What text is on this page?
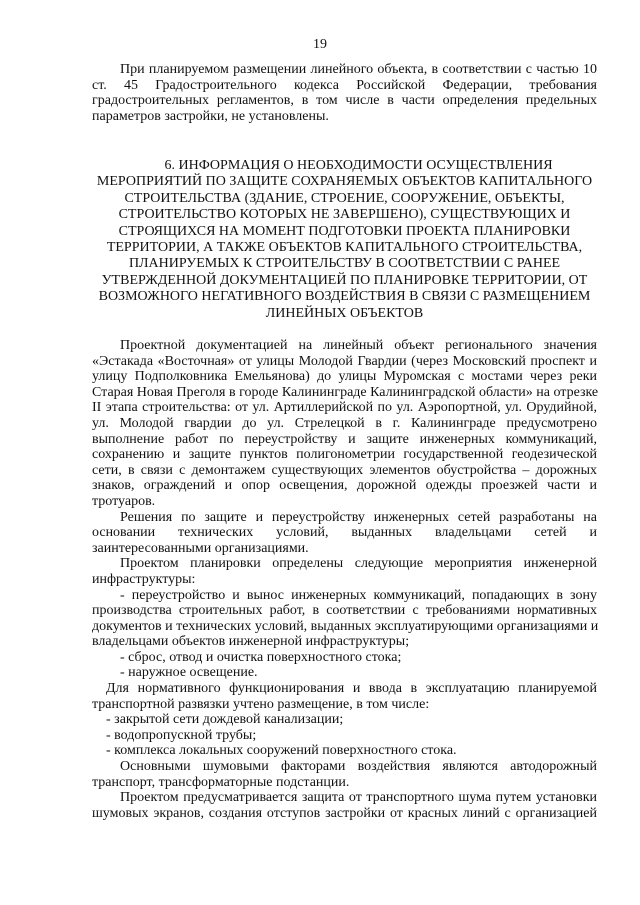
19
При планируемом размещении линейного объекта, в соответствии с частью 10
ст. 45 Градостроительного кодекса Российской Федерации, требования
градостроительных регламентов, в том числе в части определения предельных
параметров застройки, не установлены.
6. ИНФОРМАЦИЯ О НЕОБХОДИМОСТИ ОСУЩЕСТВЛЕНИЯ
МЕРОПРИЯТИЙ ПО ЗАЩИТЕ СОХРАНЯЕМЫХ ОБЪЕКТОВ КАПИТАЛЬНОГО
СТРОИТЕЛЬСТВА (ЗДАНИЕ, СТРОЕНИЕ, СООРУЖЕНИЕ, ОБЪЕКТЫ,
СТРОИТЕЛЬСТВО КОТОРЫХ НЕ ЗАВЕРШЕНО), СУЩЕСТВУЮЩИХ И
СТРОЯЩИХСЯ НА МОМЕНТ ПОДГОТОВКИ ПРОЕКТА ПЛАНИРОВКИ
ТЕРРИТОРИИ, А ТАКЖЕ ОБЪЕКТОВ КАПИТАЛЬНОГО СТРОИТЕЛЬСТВА,
ПЛАНИРУЕМЫХ К СТРОИТЕЛЬСТВУ В СООТВЕТСТВИИ С РАНЕЕ
УТВЕРЖДЕННОЙ ДОКУМЕНТАЦИЕЙ ПО ПЛАНИРОВКЕ ТЕРРИТОРИИ, ОТ
ВОЗМОЖНОГО НЕГАТИВНОГО ВОЗДЕЙСТВИЯ В СВЯЗИ С РАЗМЕЩЕНИЕМ
ЛИНЕЙНЫХ ОБЪЕКТОВ
Проектной документацией на линейный объект регионального значения
«Эстакада «Восточная» от улицы Молодой Гвардии (через Московский проспект и
улицу Подполковника Емельянова) до улицы Муромская с мостами через реки
Старая Новая Преголя в городе Калининграде Калининградской области» на отрезке
II этапа строительства: от ул. Артиллерийской по ул. Аэропортной, ул. Орудийной,
ул. Молодой гвардии до ул. Стрелецкой в г. Калининграде предусмотрено
выполнение работ по переустройству и защите инженерных коммуникаций,
сохранению и защите пунктов полигонометрии государственной геодезической
сети, в связи с демонтажем существующих элементов обустройства – дорожных
знаков, ограждений и опор освещения, дорожной одежды проезжей части и
тротуаров.
Решения по защите и переустройству инженерных сетей разработаны на
основании технических условий, выданных владельцами сетей и
заинтересованными организациями.
Проектом планировки определены следующие мероприятия инженерной
инфраструктуры:
- переустройство и вынос инженерных коммуникаций, попадающих в зону
производства строительных работ, в соответствии с требованиями нормативных
документов и технических условий, выданных эксплуатирующими организациями и
владельцами объектов инженерной инфраструктуры;
- сброс, отвод и очистка поверхностного стока;
- наружное освещение.
Для нормативного функционирования и ввода в эксплуатацию планируемой
транспортной развязки учтено размещение, в том числе:
- закрытой сети дождевой канализации;
- водопропускной трубы;
- комплекса локальных сооружений поверхностного стока.
Основными шумовыми факторами воздействия являются автодорожный
транспорт, трансформаторные подстанции.
Проектом предусматривается защита от транспортного шума путем установки
шумовых экранов, создания отступов застройки от красных линий с организацией
